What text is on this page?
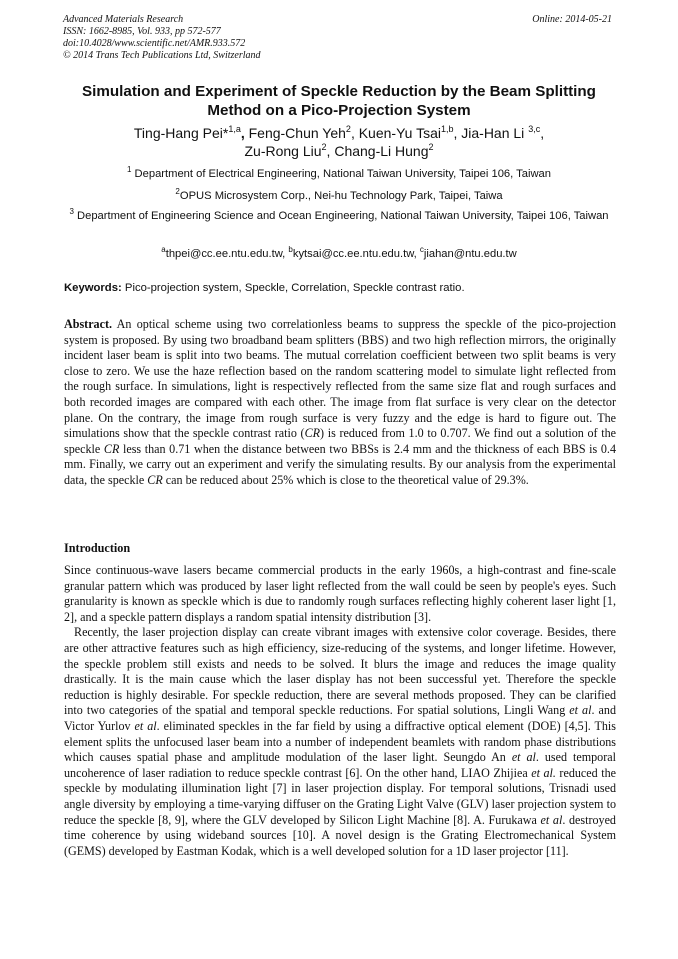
Advanced Materials Research
ISSN: 1662-8985, Vol. 933, pp 572-577
doi:10.4028/www.scientific.net/AMR.933.572
© 2014 Trans Tech Publications Ltd, Switzerland
Online: 2014-05-21
Simulation and Experiment of Speckle Reduction by the Beam Splitting
Method on a Pico-Projection System
Ting-Hang Pei*$^{1,a}$, Feng-Chun Yeh$^2$, Kuen-Yu Tsai$^{1,b}$, Jia-Han Li $^{3,c}$,
Zu-Rong Liu$^2$, Chang-Li Hung$^2$
$^1$ Department of Electrical Engineering, National Taiwan University, Taipei 106, Taiwan
$^2$OPUS Microsystem Corp., Nei-hu Technology Park, Taipei, Taiwa
$^3$ Department of Engineering Science and Ocean Engineering, National Taiwan University, Taipei 106, Taiwan
$^a$thpei@cc.ee.ntu.edu.tw, $^b$kytsai@cc.ee.ntu.edu.tw, $^c$jiahan@ntu.edu.tw
Keywords: Pico-projection system, Speckle, Correlation, Speckle contrast ratio.
Abstract. An optical scheme using two correlationless beams to suppress the speckle of the pico-projection system is proposed. By using two broadband beam splitters (BBS) and two high reflection mirrors, the originally incident laser beam is split into two beams. The mutual correlation coefficient between two split beams is very close to zero. We use the haze reflection based on the random scattering model to simulate light reflected from the rough surface. In simulations, light is respectively reflected from the same size flat and rough surfaces and both recorded images are compared with each other. The image from flat surface is very clear on the detector plane. On the contrary, the image from rough surface is very fuzzy and the edge is hard to figure out. The simulations show that the speckle contrast ratio (CR) is reduced from 1.0 to 0.707. We find out a solution of the speckle CR less than 0.71 when the distance between two BBSs is 2.4 mm and the thickness of each BBS is 0.4 mm. Finally, we carry out an experiment and verify the simulating results. By our analysis from the experimental data, the speckle CR can be reduced about 25% which is close to the theoretical value of 29.3%.
Introduction

Since continuous-wave lasers became commercial products in the early 1960s, a high-contrast and fine-scale granular pattern which was produced by laser light reflected from the wall could be seen by people's eyes. Such granularity is known as speckle which is due to randomly rough surfaces reflecting highly coherent laser light [1, 2], and a speckle pattern displays a random spatial intensity distribution [3].

Recently, the laser projection display can create vibrant images with extensive color coverage. Besides, there are other attractive features such as high efficiency, size-reducing of the systems, and longer lifetime. However, the speckle problem still exists and needs to be solved. It blurs the image and reduces the image quality drastically. It is the main cause which the laser display has not been successful yet. Therefore the speckle reduction is highly desirable. For speckle reduction, there are several methods proposed. They can be clarified into two categories of the spatial and temporal speckle reductions. For spatial solutions, Lingli Wang et al. and Victor Yurlov et al. eliminated speckles in the far field by using a diffractive optical element (DOE) [4,5]. This element splits the unfocused laser beam into a number of independent beamlets with random phase distributions which causes spatial phase and amplitude modulation of the laser light. Seungdo An et al. used temporal uncoherence of laser radiation to reduce speckle contrast [6]. On the other hand, LIAO Zhijiea et al. reduced the speckle by modulating illumination light [7] in laser projection display. For temporal solutions, Trisnadi used angle diversity by employing a time-varying diffuser on the Grating Light Valve (GLV) laser projection system to reduce the speckle [8, 9], where the GLV developed by Silicon Light Machine [8]. A. Furukawa et al. destroyed time coherence by using wideband sources [10]. A novel design is the Grating Electromechanical System (GEMS) developed by Eastman Kodak, which is a well developed solution for a 1D laser projector [11].
